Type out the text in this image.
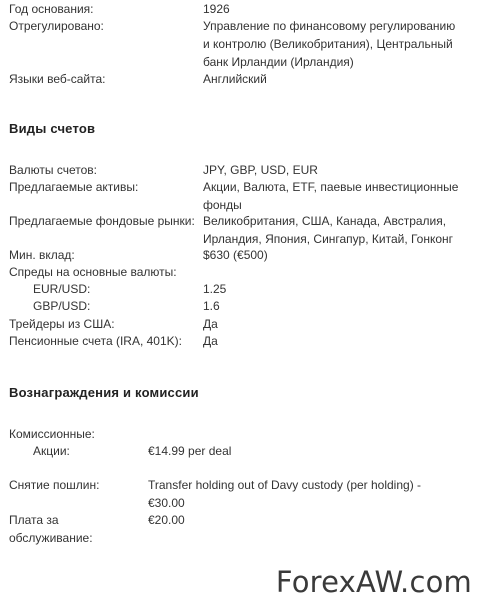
Год основания:	1926
Отрегулировано:	Управление по финансовому регулированию
и контролю (Великобритания), Центральный
банк Ирландии (Ирландия)
Языки веб-сайта:	Английский
Виды счетов
Валюты счетов:	JPY, GBP, USD, EUR
Предлагаемые активы:	Акции, Валюта, ETF, паевые инвестиционные
фонды
Предлагаемые фондовые рынки: Великобритания, США, Канада, Австралия,
Ирландия, Япония, Сингапур, Китай, Гонконг
Мин. вклад:	$630 (€500)
Спреды на основные валюты:
EUR/USD:	1.25
GBP/USD:	1.6
Трейдеры из США:	Да
Пенсионные счета (IRA, 401K): Да
Вознаграждения и комиссии
Комиссионные:
Акции:	€14.99 per deal
Снятие пошлин:	Transfer holding out of Davy custody (per holding) -
€30.00
Плата за
обслуживание:
€20.00
ForexAW.com
